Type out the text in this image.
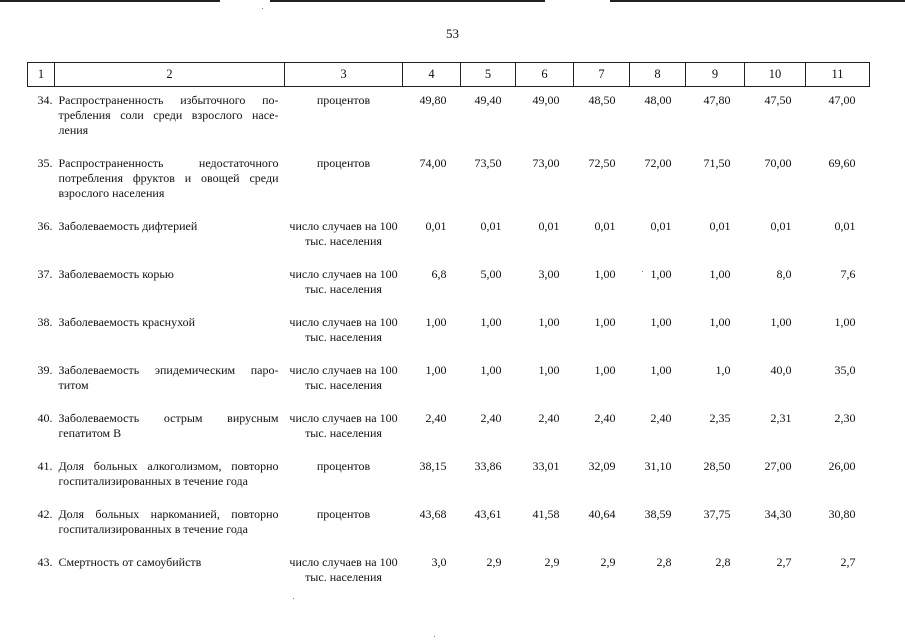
53
1	2	3	4	5	6	7	8	9	10	11
34.	Распространенность избыточного по-требления соли среди взрослого насе-ления	процентов	49,80	49,40	49,00	48,50	48,00	47,80	47,50	47,00
35.	Распространенность недостаточного потребления фруктов и овощей среди взрослого населения	процентов	74,00	73,50	73,00	72,50	72,00	71,50	70,00	69,60
36.	Заболеваемость дифтерией	число случаев на 100 тыс. населения	0,01	0,01	0,01	0,01	0,01	0,01	0,01	0,01
37.	Заболеваемость корью	число случаев на 100 тыс. населения	6,8	5,00	3,00	1,00	1,00	1,00	8,0	7,6
38.	Заболеваемость краснухой	число случаев на 100 тыс. населения	1,00	1,00	1,00	1,00	1,00	1,00	1,00	1,00
39.	Заболеваемость эпидемическим паро-титом	число случаев на 100 тыс. населения	1,00	1,00	1,00	1,00	1,00	1,0	40,0	35,0
40.	Заболеваемость острым вирусным гепатитом В	число случаев на 100 тыс. населения	2,40	2,40	2,40	2,40	2,40	2,35	2,31	2,30
41.	Доля больных алкоголизмом, повторно госпитализированных в течение года	процентов	38,15	33,86	33,01	32,09	31,10	28,50	27,00	26,00
42.	Доля больных наркоманией, повторно госпитализированных в течение года	процентов	43,68	43,61	41,58	40,64	38,59	37,75	34,30	30,80
43.	Смертность от самоубийств	число случаев на 100 тыс. населения	3,0	2,9	2,9	2,9	2,8	2,8	2,7	2,7
